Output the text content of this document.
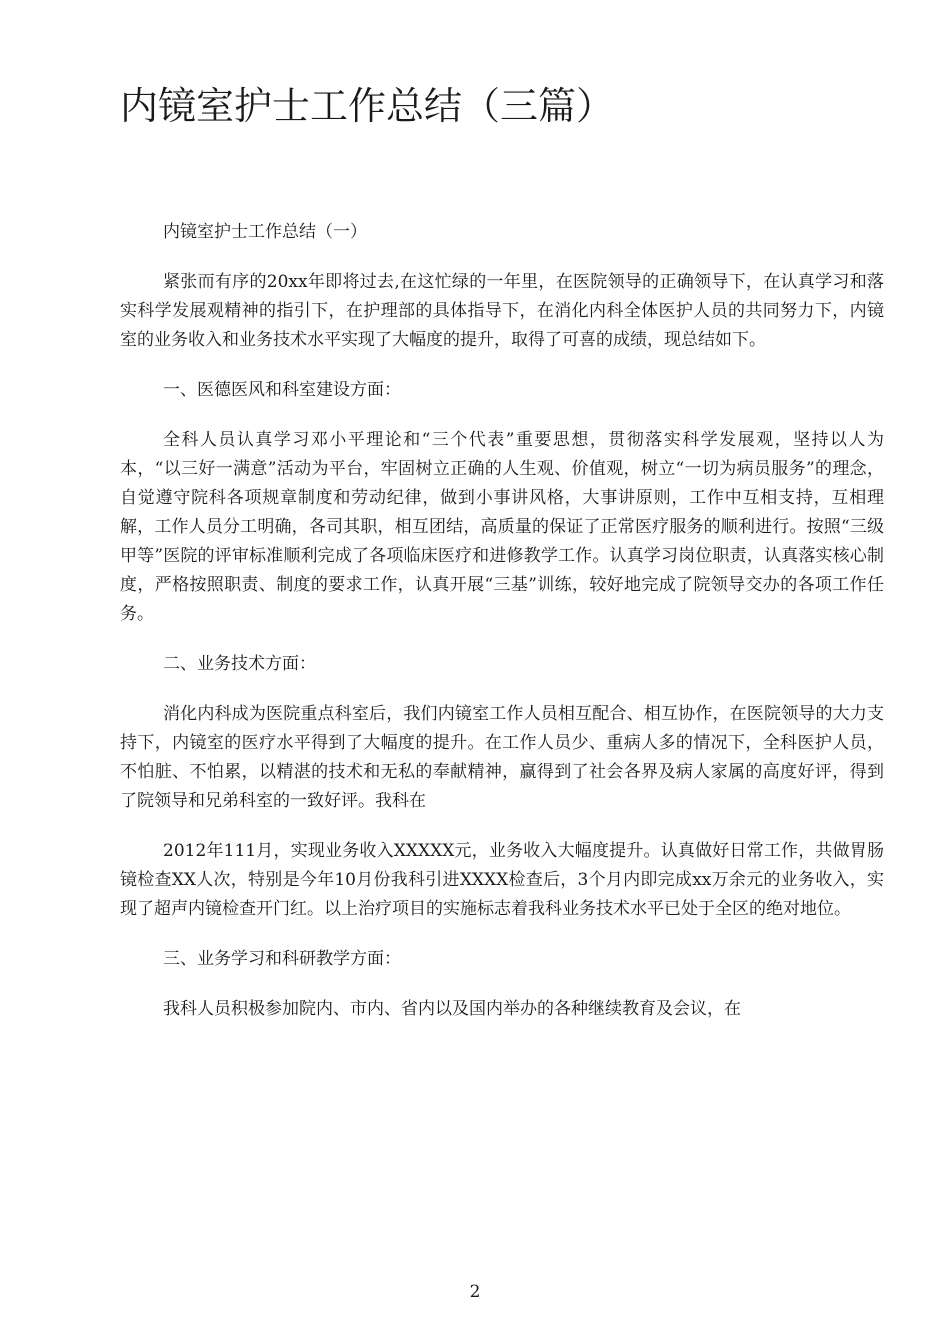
内镜室护士工作总结（三篇）

内镜室护士工作总结（一）

紧张而有序的20xx年即将过去,在这忙绿的一年里，在医院领导的正确领导下，在认真学习和落实科学发展观精神的指引下，在护理部的具体指导下，在消化内科全体医护人员的共同努力下，内镜室的业务收入和业务技术水平实现了大幅度的提升，取得了可喜的成绩，现总结如下。

一、医德医风和科室建设方面：

全科人员认真学习邓小平理论和“三个代表”重要思想，贯彻落实科学发展观，坚持以人为本，“以三好一满意”活动为平台，牢固树立正确的人生观、价值观，树立“一切为病员服务”的理念，自觉遵守院科各项规章制度和劳动纪律，做到小事讲风格，大事讲原则，工作中互相支持，互相理解，工作人员分工明确，各司其职，相互团结，高质量的保证了正常医疗服务的顺利进行。按照“三级甲等”医院的评审标准顺利完成了各项临床医疗和进修教学工作。认真学习岗位职责，认真落实核心制度，严格按照职责、制度的要求工作，认真开展“三基”训练，较好地完成了院领导交办的各项工作任务。

二、业务技术方面：

消化内科成为医院重点科室后，我们内镜室工作人员相互配合、相互协作，在医院领导的大力支持下，内镜室的医疗水平得到了大幅度的提升。在工作人员少、重病人多的情况下，全科医护人员，不怕脏、不怕累，以精湛的技术和无私的奉献精神，赢得到了社会各界及病人家属的高度好评，得到了院领导和兄弟科室的一致好评。我科在

2012年111月，实现业务收入XXXXX元，业务收入大幅度提升。认真做好日常工作，共做胃肠镜检查XX人次，特别是今年10月份我科引进XXXX检查后，3个月内即完成xx万余元的业务收入，实现了超声内镜检查开门红。以上治疗项目的实施标志着我科业务技术水平已处于全区的绝对地位。

三、业务学习和科研教学方面：

我科人员积极参加院内、市内、省内以及国内举办的各种继续教育及会议，在

2
